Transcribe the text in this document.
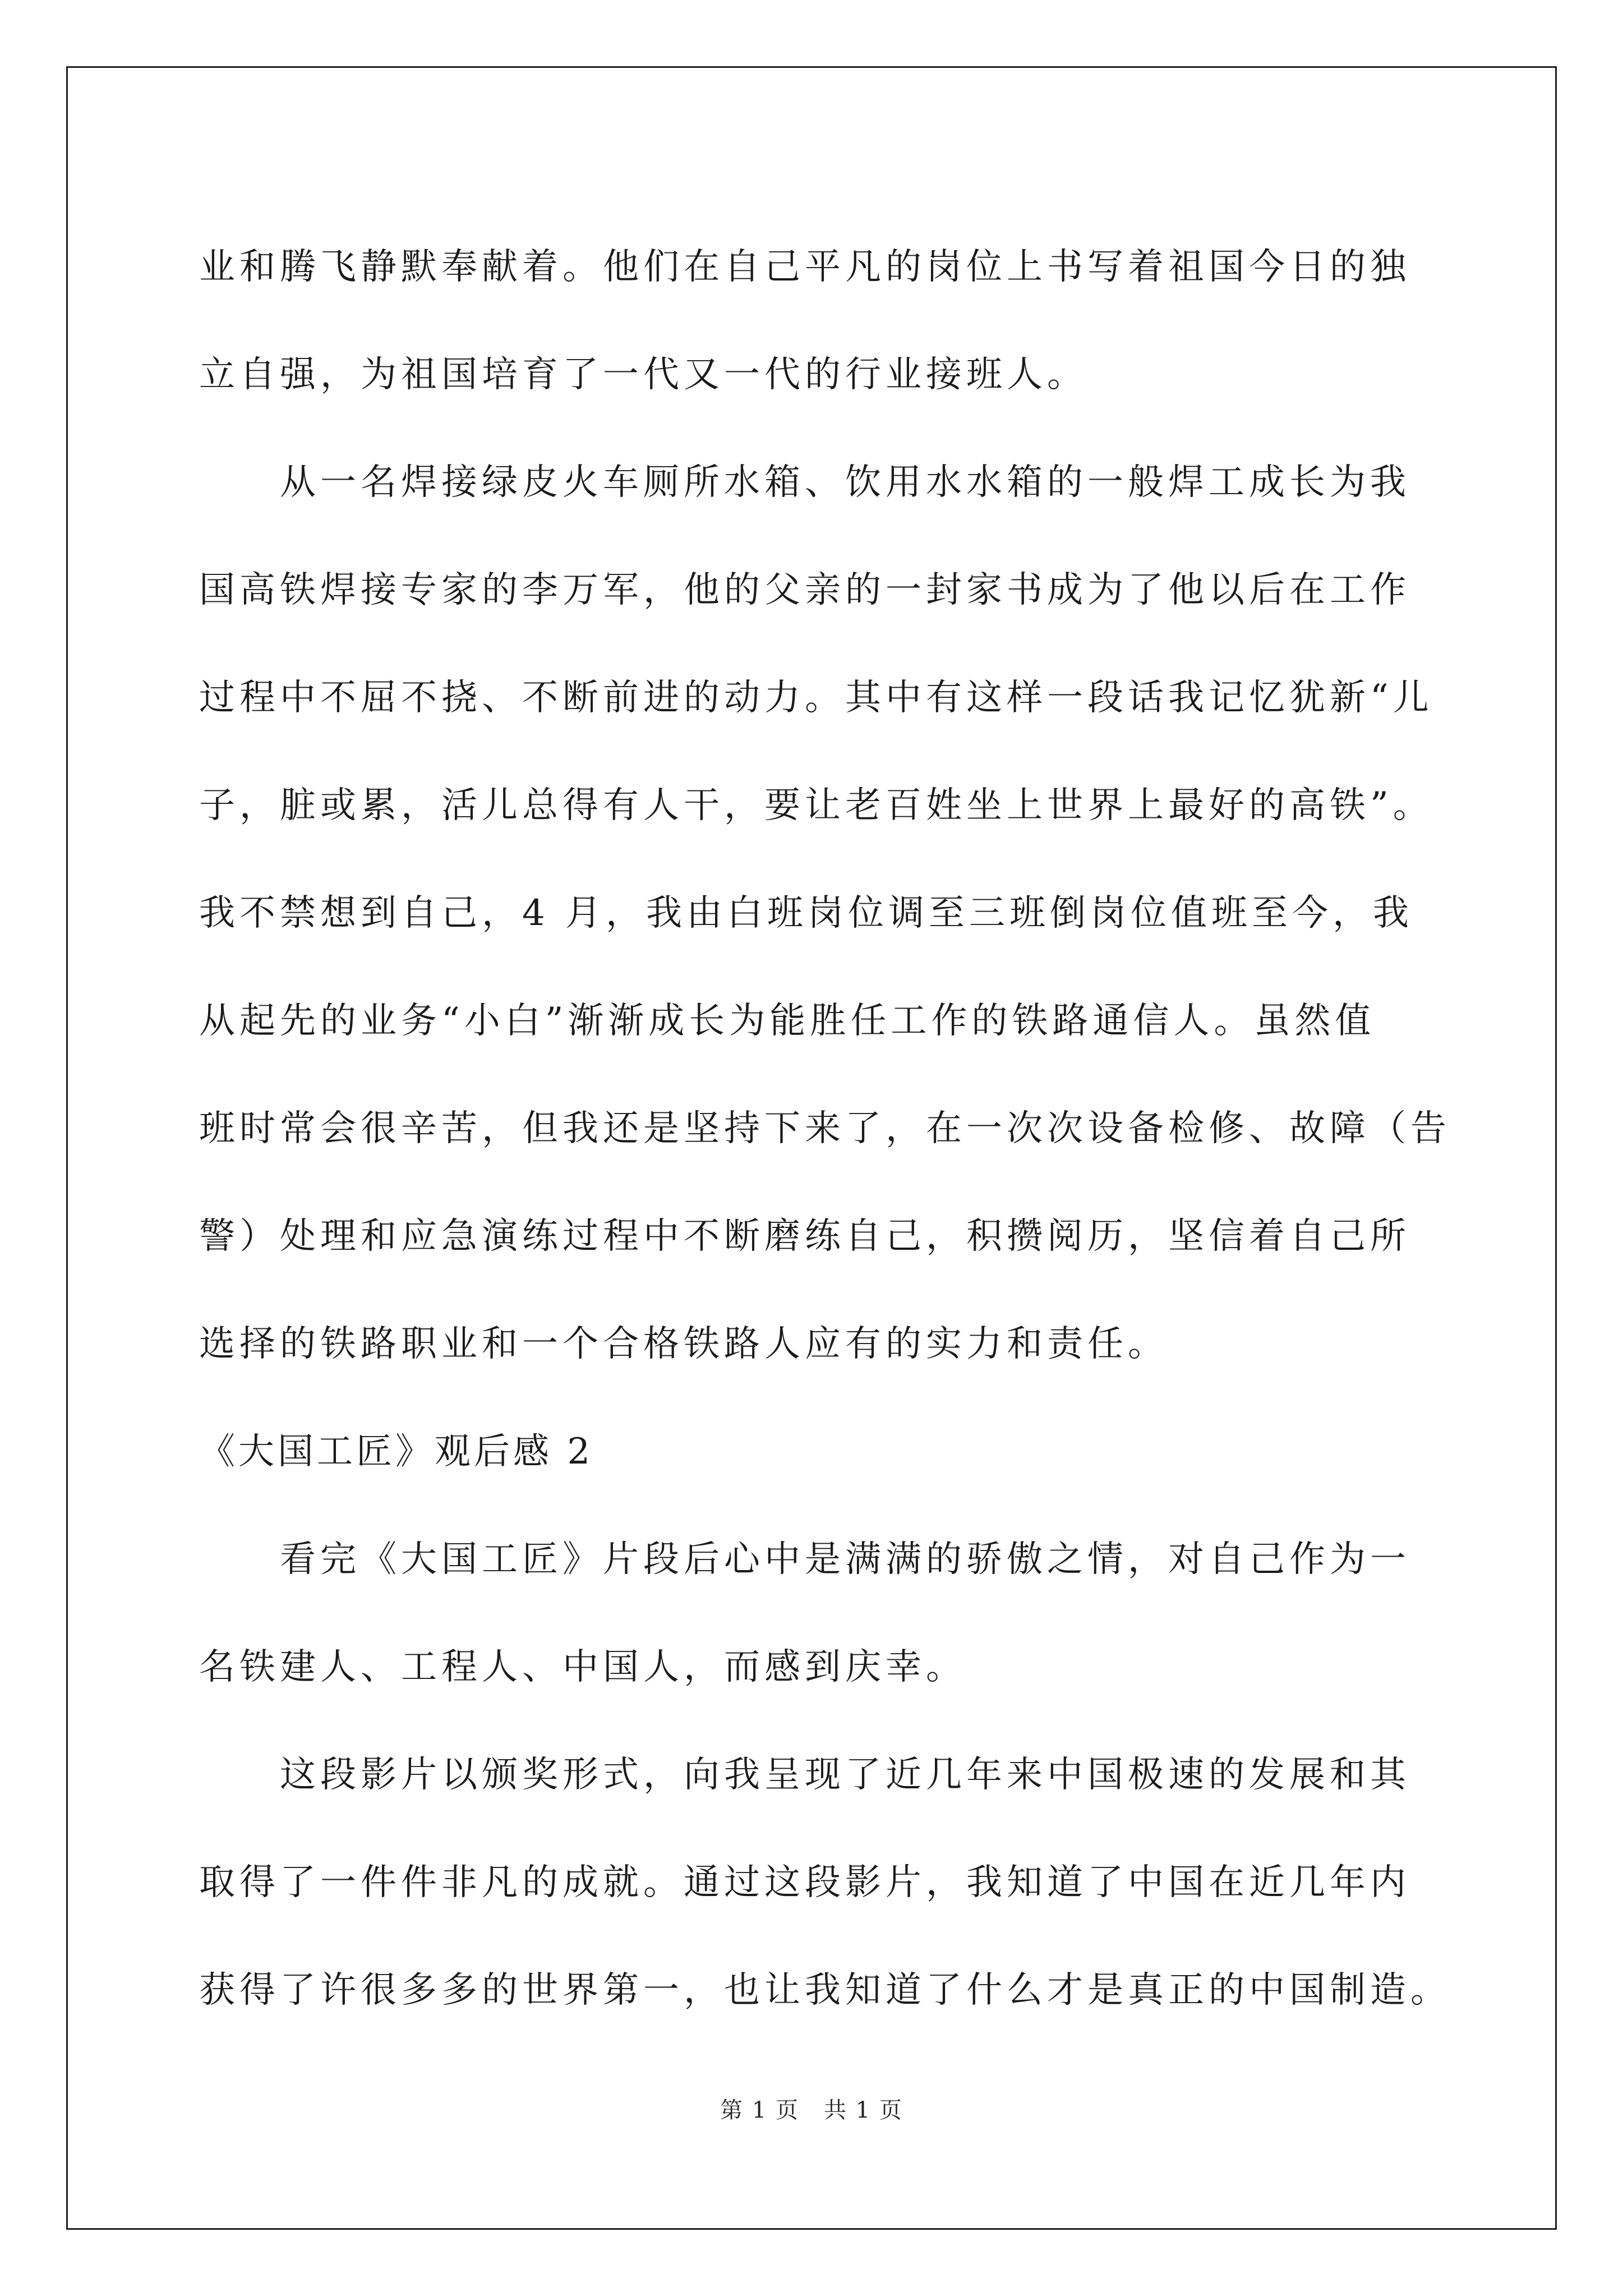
业和腾飞静默奉献着。他们在自己平凡的岗位上书写着祖国今日的独
立自强，为祖国培育了一代又一代的行业接班人。
从一名焊接绿皮火车厕所水箱、饮用水水箱的一般焊工成长为我
国高铁焊接专家的李万军，他的父亲的一封家书成为了他以后在工作
过程中不屈不挠、不断前进的动力。其中有这样一段话我记忆犹新“儿
子，脏或累，活儿总得有人干，要让老百姓坐上世界上最好的高铁”。
我不禁想到自己，4 月，我由白班岗位调至三班倒岗位值班至今，我
从起先的业务“小白”渐渐成长为能胜任工作的铁路通信人。虽然值
班时常会很辛苦，但我还是坚持下来了，在一次次设备检修、故障（告
警）处理和应急演练过程中不断磨练自己，积攒阅历，坚信着自己所
选择的铁路职业和一个合格铁路人应有的实力和责任。
《大国工匠》观后感 2
看完《大国工匠》片段后心中是满满的骄傲之情，对自己作为一
名铁建人、工程人、中国人，而感到庆幸。
这段影片以颁奖形式，向我呈现了近几年来中国极速的发展和其
取得了一件件非凡的成就。通过这段影片，我知道了中国在近几年内
获得了许很多多的世界第一，也让我知道了什么才是真正的中国制造。
第 1 页 共 1 页
